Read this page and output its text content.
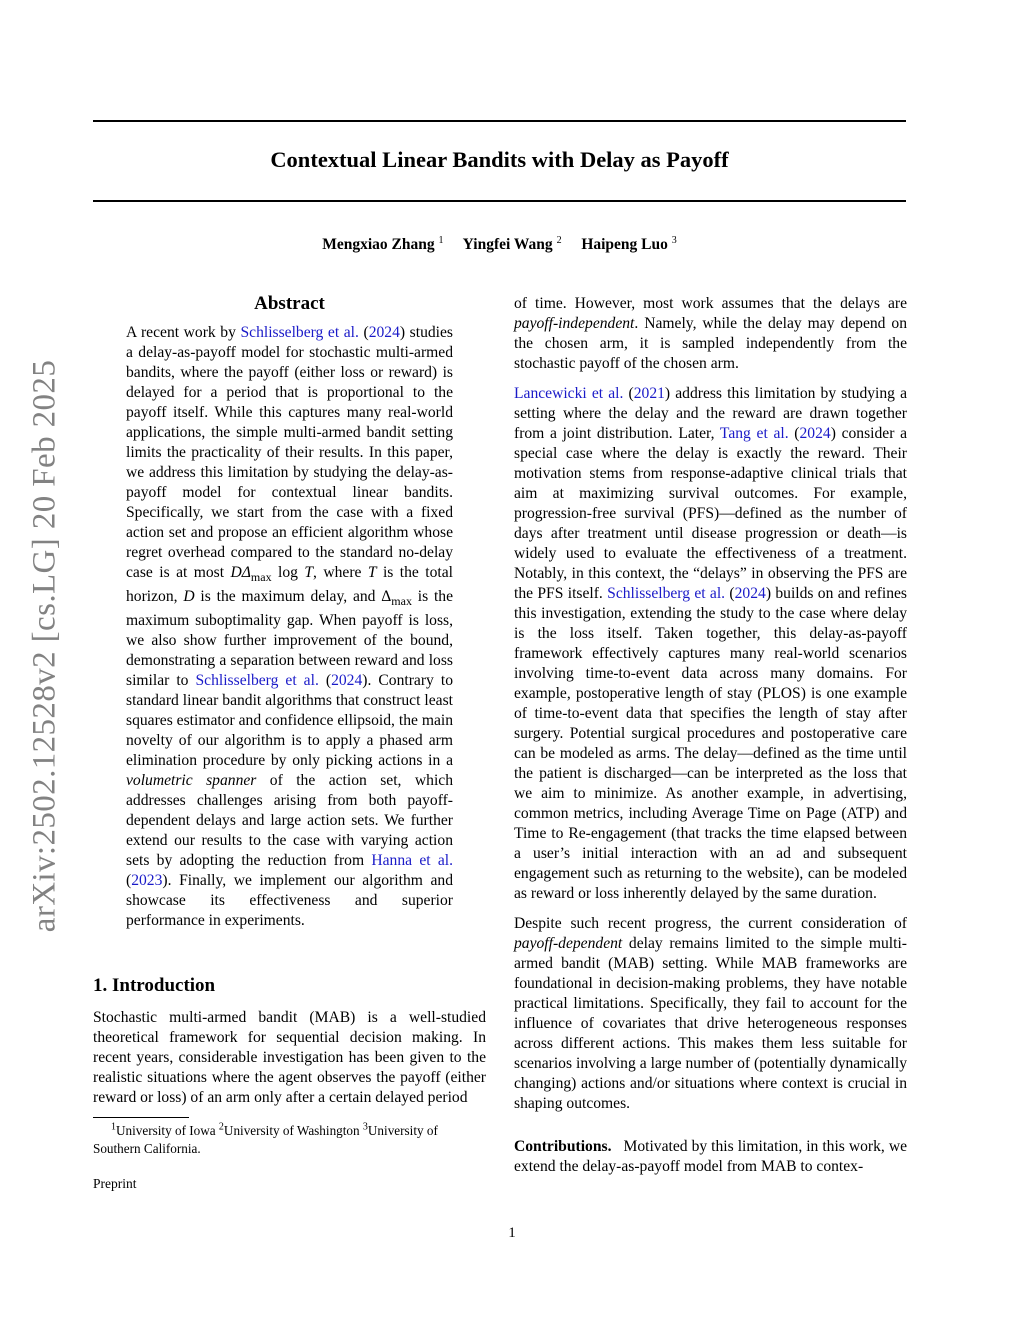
Contextual Linear Bandits with Delay as Payoff
Mengxiao Zhang $^1$ Yingfei Wang $^2$ Haipeng Luo $^3$
arXiv:2502.12528v2 [cs.LG] 20 Feb 2025
Abstract

A recent work by Schlisselberg et al. (2024) studies a delay-as-payoff model for stochastic multi-armed bandits, where the payoff (either loss or reward) is delayed for a period that is proportional to the payoff itself. While this captures many real-world applications, the simple multi-armed bandit setting limits the practicality of their results. In this paper, we address this limitation by studying the delay-as-payoff model for contextual linear bandits. Specifically, we start from the case with a fixed action set and propose an efficient algorithm whose regret overhead compared to the standard no-delay case is at most $D\Delta_{max}$ log T, where T is the total horizon, D is the maximum delay, and $\Delta_{max}$ is the maximum suboptimality gap. When payoff is loss, we also show further improvement of the bound, demonstrating a separation between reward and loss similar to Schlisselberg et al. (2024). Contrary to standard linear bandit algorithms that construct least squares estimator and confidence ellipsoid, the main novelty of our algorithm is to apply a phased arm elimination procedure by only picking actions in a volumetric spanner of the action set, which addresses challenges arising from both payoff-dependent delays and large action sets. We further extend our results to the case with varying action sets by adopting the reduction from Hanna et al. (2023). Finally, we implement our algorithm and showcase its effectiveness and superior performance in experiments.

1. Introduction

Stochastic multi-armed bandit (MAB) is a well-studied theoretical framework for sequential decision making. In recent years, considerable investigation has been given to the realistic situations where the agent observes the payoff (either reward or loss) of an arm only after a certain delayed period

$^1$University of Iowa $^2$University of Washington $^3$University of Southern California.

Preprint

of time. However, most work assumes that the delays are payoff-independent. Namely, while the delay may depend on the chosen arm, it is sampled independently from the stochastic payoff of the chosen arm.

Lancewicki et al. (2021) address this limitation by studying a setting where the delay and the reward are drawn together from a joint distribution. Later, Tang et al. (2024) consider a special case where the delay is exactly the reward. Their motivation stems from response-adaptive clinical trials that aim at maximizing survival outcomes. For example, progression-free survival (PFS)—defined as the number of days after treatment until disease progression or death—is widely used to evaluate the effectiveness of a treatment. Notably, in this context, the “delays” in observing the PFS are the PFS itself. Schlisselberg et al. (2024) builds on and refines this investigation, extending the study to the case where delay is the loss itself. Taken together, this delay-as-payoff framework effectively captures many real-world scenarios involving time-to-event data across many domains. For example, postoperative length of stay (PLOS) is one example of time-to-event data that specifies the length of stay after surgery. Potential surgical procedures and postoperative care can be modeled as arms. The delay—defined as the time until the patient is discharged—can be interpreted as the loss that we aim to minimize. As another example, in advertising, common metrics, including Average Time on Page (ATP) and Time to Re-engagement (that tracks the time elapsed between a user’s initial interaction with an ad and subsequent engagement such as returning to the website), can be modeled as reward or loss inherently delayed by the same duration.

Despite such recent progress, the current consideration of payoff-dependent delay remains limited to the simple multi-armed bandit (MAB) setting. While MAB frameworks are foundational in decision-making problems, they have notable practical limitations. Specifically, they fail to account for the influence of covariates that drive heterogeneous responses across different actions. This makes them less suitable for scenarios involving a large number of (potentially dynamically changing) actions and/or situations where context is crucial in shaping outcomes.

Contributions. Motivated by this limitation, in this work, we extend the delay-as-payoff model from MAB to contex-

1
